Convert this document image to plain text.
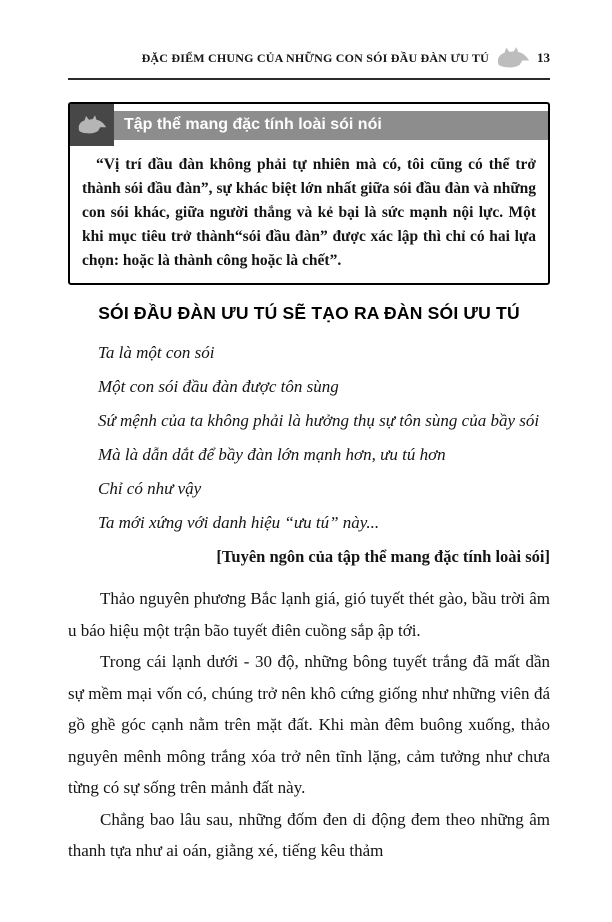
ĐẶC ĐIỂM CHUNG CỦA NHỮNG CON SÓI ĐẦU ĐÀN ƯU TÚ	13
Tập thể mang đặc tính loài sói nói

“Vị trí đầu đàn không phải tự nhiên mà có, tôi cũng có thể trở thành sói đầu đàn”, sự khác biệt lớn nhất giữa sói đầu đàn và những con sói khác, giữa người thắng và kẻ bại là sức mạnh nội lực. Một khi mục tiêu trở thành“sói đầu đàn” được xác lập thì chỉ có hai lựa chọn: hoặc là thành công hoặc là chết”.

SÓI ĐẦU ĐÀN ƯU TÚ SẼ TẠO RA ĐÀN SÓI ƯU TÚ

Ta là một con sói

Một con sói đầu đàn được tôn sùng

Sứ mệnh của ta không phải là hưởng thụ sự tôn sùng của bầy sói

Mà là dẫn dắt để bầy đàn lớn mạnh hơn, ưu tú hơn

Chỉ có như vậy

Ta mới xứng với danh hiệu “ưu tú” này...

[Tuyên ngôn của tập thể mang đặc tính loài sói]

Thảo nguyên phương Bắc lạnh giá, gió tuyết thét gào, bầu trời âm u báo hiệu một trận bão tuyết điên cuồng sắp ập tới.

Trong cái lạnh dưới - 30 độ, những bông tuyết trắng đã mất dần sự mềm mại vốn có, chúng trở nên khô cứng giống như những viên đá gồ ghề góc cạnh nằm trên mặt đất. Khi màn đêm buông xuống, thảo nguyên mênh mông trắng xóa trở nên tĩnh lặng, cảm tưởng như chưa từng có sự sống trên mảnh đất này.

Chẳng bao lâu sau, những đốm đen di động đem theo những âm thanh tựa như ai oán, giằng xé, tiếng kêu thảm
